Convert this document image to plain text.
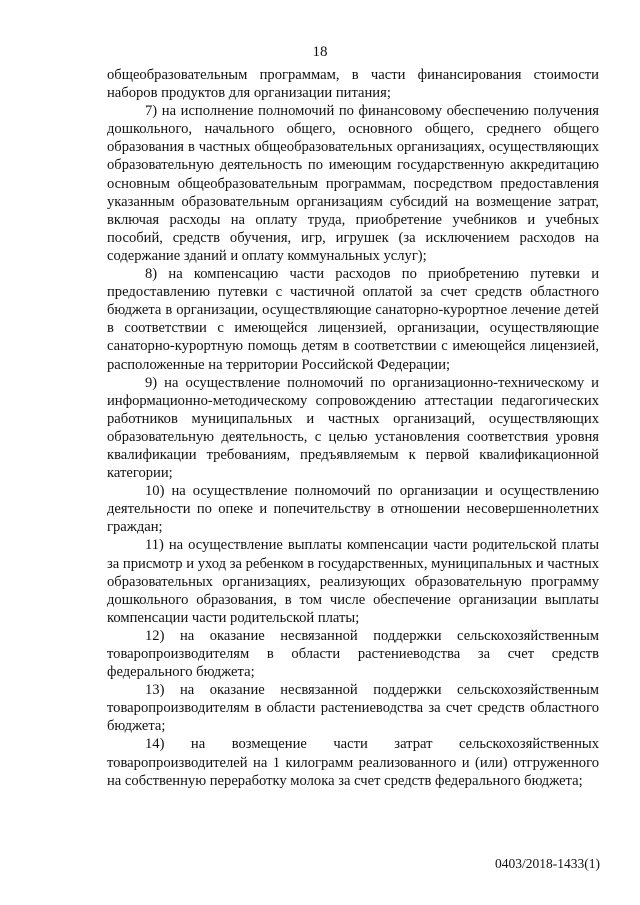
18

общеобразовательным программам, в части финансирования стоимости наборов продуктов для организации питания;

7) на исполнение полномочий по финансовому обеспечению получения дошкольного, начального общего, основного общего, среднего общего образования в частных общеобразовательных организациях, осуществляющих образовательную деятельность по имеющим государственную аккредитацию основным общеобразовательным программам, посредством предоставления указанным образовательным организациям субсидий на возмещение затрат, включая расходы на оплату труда, приобретение учебников и учебных пособий, средств обучения, игр, игрушек (за исключением расходов на содержание зданий и оплату коммунальных услуг);

8) на компенсацию части расходов по приобретению путевки и предоставлению путевки с частичной оплатой за счет средств областного бюджета в организации, осуществляющие санаторно-курортное лечение детей в соответствии с имеющейся лицензией, организации, осуществляющие санаторно-курортную помощь детям в соответствии с имеющейся лицензией, расположенные на территории Российской Федерации;

9) на осуществление полномочий по организационно-техническому и информационно-методическому сопровождению аттестации педагогических работников муниципальных и частных организаций, осуществляющих образовательную деятельность, с целью установления соответствия уровня квалификации требованиям, предъявляемым к первой квалификационной категории;

10) на осуществление полномочий по организации и осуществлению деятельности по опеке и попечительству в отношении несовершеннолетних граждан;

11) на осуществление выплаты компенсации части родительской платы за присмотр и уход за ребенком в государственных, муниципальных и частных образовательных организациях, реализующих образовательную программу дошкольного образования, в том числе обеспечение организации выплаты компенсации части родительской платы;

12) на оказание несвязанной поддержки сельскохозяйственным товаропроизводителям в области растениеводства за счет средств федерального бюджета;

13) на оказание несвязанной поддержки сельскохозяйственным товаропроизводителям в области растениеводства за счет средств областного бюджета;

14) на возмещение части затрат сельскохозяйственных товаропроизводителей на 1 килограмм реализованного и (или) отгруженного на собственную переработку молока за счет средств федерального бюджета;

0403/2018-1433(1)
